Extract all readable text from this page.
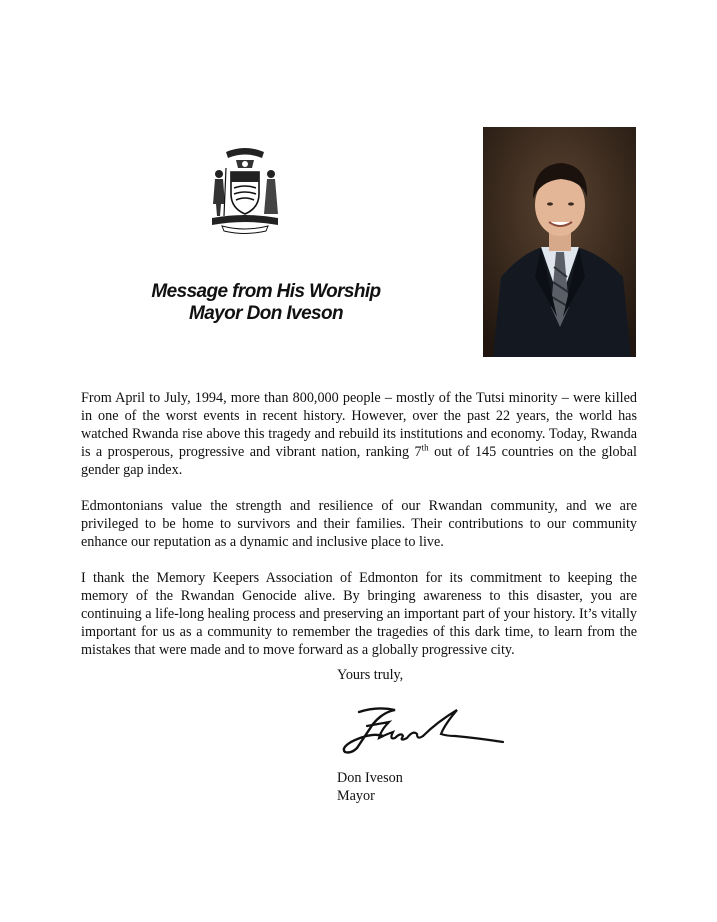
Message from His Worship
Mayor Don Iveson

From April to July, 1994, more than 800,000 people – mostly of the Tutsi minority – were killed in one of the worst events in recent history. However, over the past 22 years, the world has watched Rwanda rise above this tragedy and rebuild its institutions and economy. Today, Rwanda is a prosperous, progressive and vibrant nation, ranking 7th out of 145 countries on the global gender gap index.

Edmontonians value the strength and resilience of our Rwandan community, and we are privileged to be home to survivors and their families. Their contributions to our community enhance our reputation as a dynamic and inclusive place to live.

I thank the Memory Keepers Association of Edmonton for its commitment to keeping the memory of the Rwandan Genocide alive. By bringing awareness to this disaster, you are continuing a life-long healing process and preserving an important part of your history. It’s vitally important for us as a community to remember the tragedies of this dark time, to learn from the mistakes that were made and to move forward as a globally progressive city.

Yours truly,
Don Iveson
Mayor
